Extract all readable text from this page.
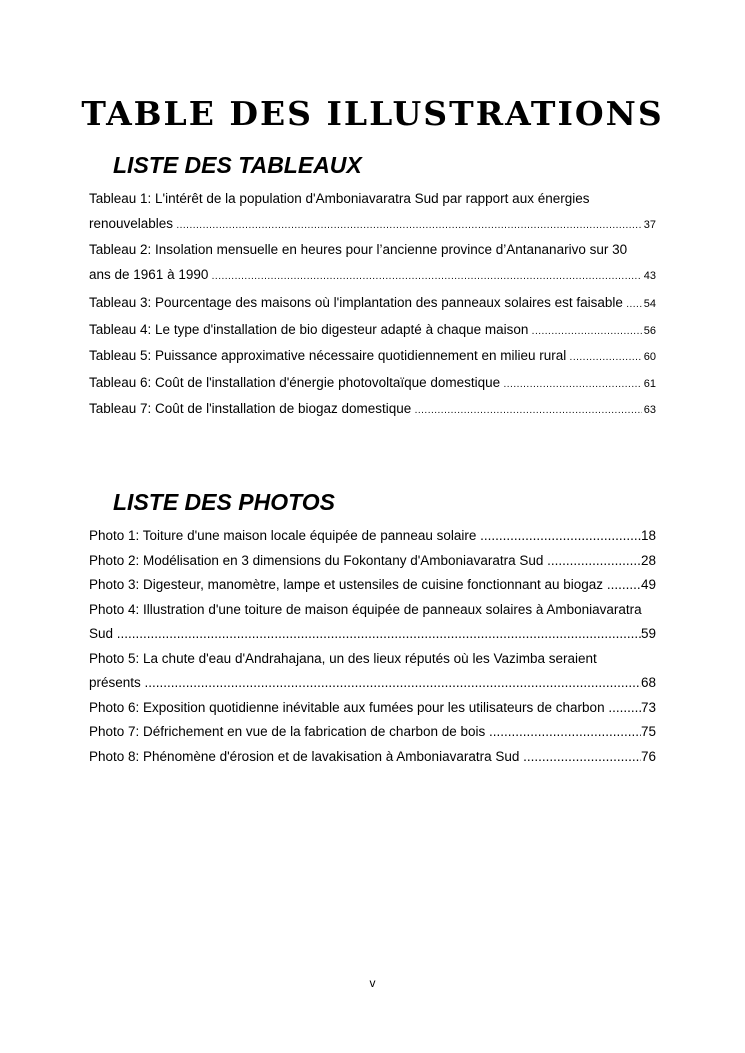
TABLE DES ILLUSTRATIONS
LISTE DES TABLEAUX
Tableau 1: L'intérêt de la population d'Amboniavaratra Sud par rapport aux énergies
renouvelables .....	37
Tableau 2: Insolation mensuelle en heures pour l’ancienne province d’Antananarivo sur 30
ans de 1961 à 1990 .....	43
Tableau 3: Pourcentage des maisons où l'implantation des panneaux solaires est faisable .....	54
Tableau 4: Le type d'installation de bio digesteur adapté à chaque maison .....	56
Tableau 5: Puissance approximative nécessaire quotidiennement en milieu rural .....	60
Tableau 6: Coût de l'installation d'énergie photovoltaïque domestique .....	61
Tableau 7: Coût de l'installation de biogaz domestique .....	63
LISTE DES PHOTOS
Photo 1: Toiture d'une maison locale équipée de panneau solaire .....	18
Photo 2: Modélisation en 3 dimensions du Fokontany d'Amboniavaratra Sud .....	28
Photo 3: Digesteur, manomètre, lampe et ustensiles de cuisine fonctionnant au biogaz .....	49
Photo 4: Illustration d'une toiture de maison équipée de panneaux solaires à Amboniavaratra
Sud .....	59
Photo 5: La chute d'eau d'Andrahajana, un des lieux réputés où les Vazimba seraient
présents .....	68
Photo 6: Exposition quotidienne inévitable aux fumées pour les utilisateurs de charbon .....	73
Photo 7: Défrichement en vue de la fabrication de charbon de bois .....	75
Photo 8: Phénomène d'érosion et de lavakisation à Amboniavaratra Sud .....	76
v
